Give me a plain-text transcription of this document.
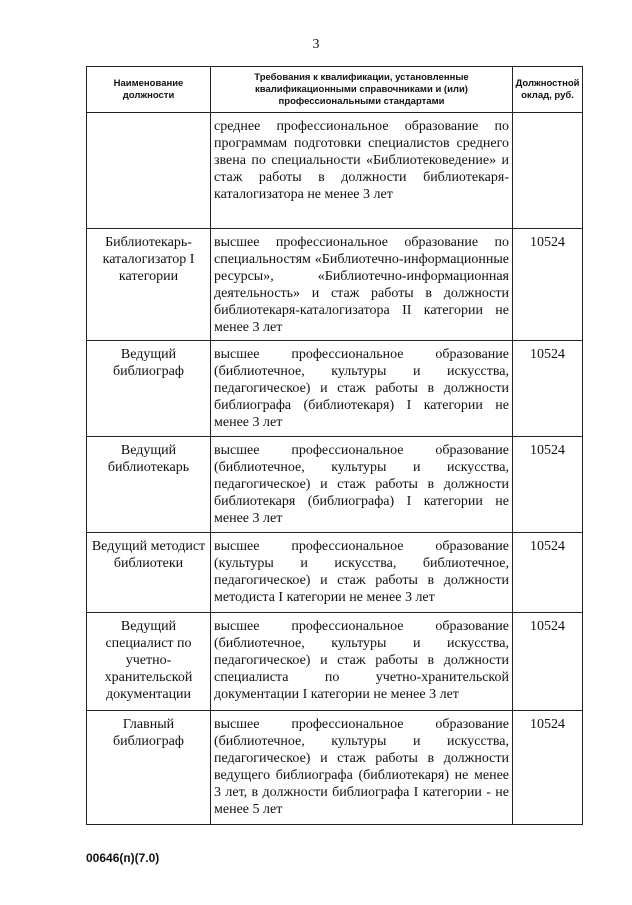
3
Наименование должности	Требования к квалификации, установленные квалификационными справочниками и (или) профессиональными стандартами	Должностной оклад, руб.
	среднее профессиональное образование по программам подготовки специалистов среднего звена по специальности «Библиотековедение» и стаж работы в должности библиотекаря-каталогизатора не менее 3 лет	
Библиотекарь-каталогизатор I категории	высшее профессиональное образование по специальностям «Библиотечно-информационные ресурсы», «Библиотечно-информационная деятельность» и стаж работы в должности библиотекаря-каталогизатора II категории не менее 3 лет	10524
Ведущий библиограф	высшее профессиональное образование (библиотечное, культуры и искусства, педагогическое) и стаж работы в должности библиографа (библиотекаря) I категории не менее 3 лет	10524
Ведущий библиотекарь	высшее профессиональное образование (библиотечное, культуры и искусства, педагогическое) и стаж работы в должности библиотекаря (библиографа) I категории не менее 3 лет	10524
Ведущий методист библиотеки	высшее профессиональное образование (культуры и искусства, библиотечное, педагогическое) и стаж работы в должности методиста I категории не менее 3 лет	10524
Ведущий специалист по учетно-хранительской документации	высшее профессиональное образование (библиотечное, культуры и искусства, педагогическое) и стаж работы в должности специалиста по учетно-хранительской документации I категории не менее 3 лет	10524
Главный библиограф	высшее профессиональное образование (библиотечное, культуры и искусства, педагогическое) и стаж работы в должности ведущего библиографа (библиотекаря) не менее 3 лет, в должности библиографа I категории - не менее 5 лет	10524
00646(п)(7.0)
